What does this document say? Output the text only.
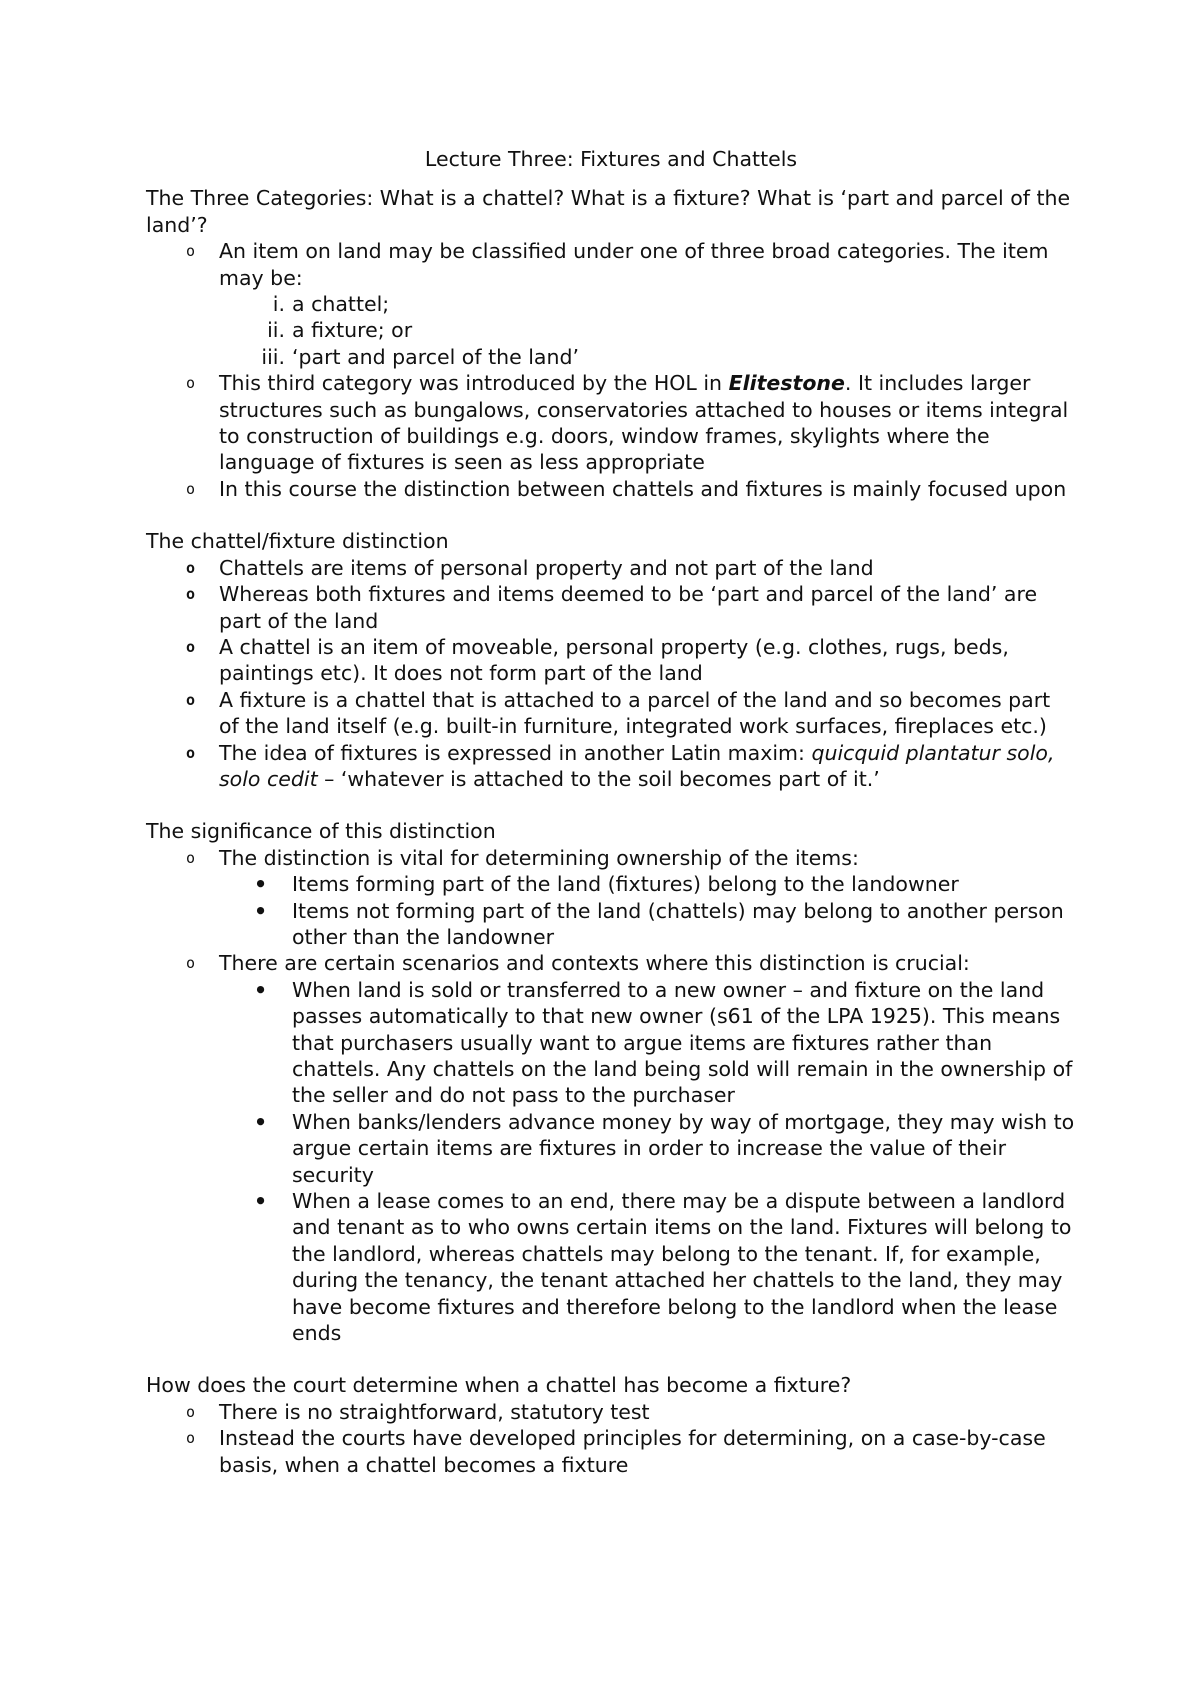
Lecture Three: Fixtures and Chattels
The Three Categories: What is a chattel? What is a fixture? What is ‘part and parcel of the land’?
o An item on land may be classified under one of three broad categories. The item may be:
i. a chattel;
ii. a fixture; or
iii. ‘part and parcel of the land’
o This third category was introduced by the HOL in Elitestone. It includes larger structures such as bungalows, conservatories attached to houses or items integral to construction of buildings e.g. doors, window frames, skylights where the language of fixtures is seen as less appropriate
o In this course the distinction between chattels and fixtures is mainly focused upon
The chattel/fixture distinction
o Chattels are items of personal property and not part of the land
o Whereas both fixtures and items deemed to be ‘part and parcel of the land’ are part of the land
o A chattel is an item of moveable, personal property (e.g. clothes, rugs, beds, paintings etc). It does not form part of the land
o A fixture is a chattel that is attached to a parcel of the land and so becomes part of the land itself (e.g. built-in furniture, integrated work surfaces, fireplaces etc.)
o The idea of fixtures is expressed in another Latin maxim: quicquid plantatur solo, solo cedit – ‘whatever is attached to the soil becomes part of it.’
The significance of this distinction
o The distinction is vital for determining ownership of the items:
• Items forming part of the land (fixtures) belong to the landowner
• Items not forming part of the land (chattels) may belong to another person other than the landowner
o There are certain scenarios and contexts where this distinction is crucial:
• When land is sold or transferred to a new owner – and fixture on the land passes automatically to that new owner (s61 of the LPA 1925). This means that purchasers usually want to argue items are fixtures rather than chattels. Any chattels on the land being sold will remain in the ownership of the seller and do not pass to the purchaser
• When banks/lenders advance money by way of mortgage, they may wish to argue certain items are fixtures in order to increase the value of their security
• When a lease comes to an end, there may be a dispute between a landlord and tenant as to who owns certain items on the land. Fixtures will belong to the landlord, whereas chattels may belong to the tenant. If, for example, during the tenancy, the tenant attached her chattels to the land, they may have become fixtures and therefore belong to the landlord when the lease ends
How does the court determine when a chattel has become a fixture?
o There is no straightforward, statutory test
o Instead the courts have developed principles for determining, on a case-by-case basis, when a chattel becomes a fixture
